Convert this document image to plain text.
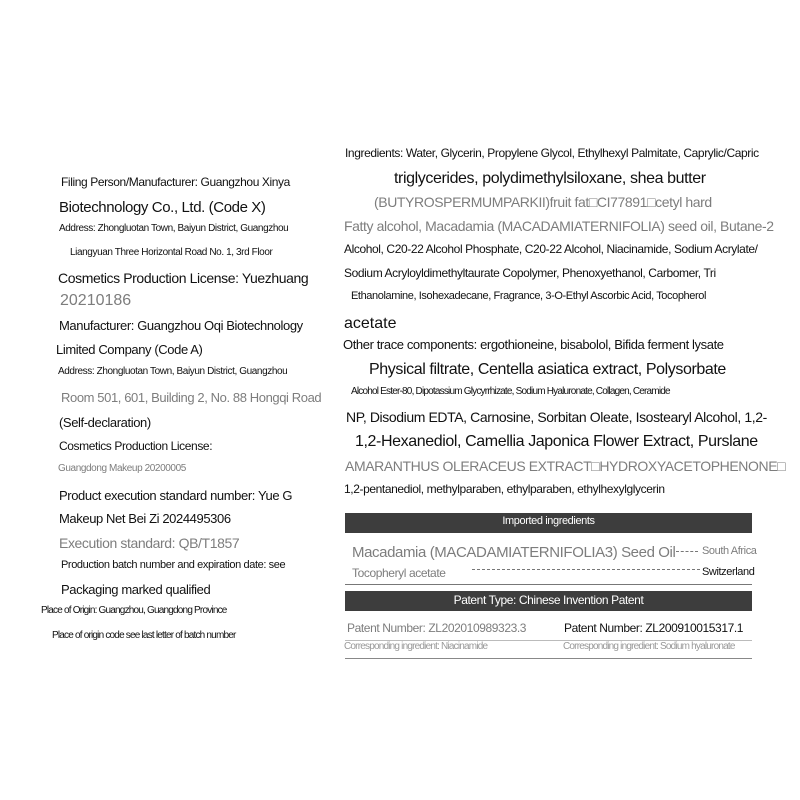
Filing Person/Manufacturer: Guangzhou Xinya
Biotechnology Co., Ltd. (Code X)
Address: Zhongluotan Town, Baiyun District, Guangzhou
Liangyuan Three Horizontal Road No. 1, 3rd Floor
Cosmetics Production License: Yuezhuang
20210186
Manufacturer: Guangzhou Oqi Biotechnology
Limited Company (Code A)
Address: Zhongluotan Town, Baiyun District, Guangzhou
Room 501, 601, Building 2, No. 88 Hongqi Road
(Self-declaration)
Cosmetics Production License:
Guangdong Makeup 20200005
Product execution standard number: Yue G
Makeup Net Bei Zi 2024495306
Execution standard: QB/T1857
Production batch number and expiration date: see
Packaging marked qualified
Place of Origin: Guangzhou, Guangdong Province
Place of origin code see last letter of batch number
Ingredients: Water, Glycerin, Propylene Glycol, Ethylhexyl Palmitate, Caprylic/Capric
triglycerides, polydimethylsiloxane, shea butter
(BUTYROSPERMUMPARKII)fruit fat□CI77891□cetyl hard
Fatty alcohol, Macadamia (MACADAMIATERNIFOLIA) seed oil, Butane-2
Alcohol, C20-22 Alcohol Phosphate, C20-22 Alcohol, Niacinamide, Sodium Acrylate/
Sodium Acryloyldimethyltaurate Copolymer, Phenoxyethanol, Carbomer, Tri
Ethanolamine, Isohexadecane, Fragrance, 3-O-Ethyl Ascorbic Acid, Tocopherol
acetate
Other trace components: ergothioneine, bisabolol, Bifida ferment lysate
Physical filtrate, Centella asiatica extract, Polysorbate
Alcohol Ester-80, Dipotassium Glycyrrhizate, Sodium Hyaluronate, Collagen, Ceramide
NP, Disodium EDTA, Carnosine, Sorbitan Oleate, Isostearyl Alcohol, 1,2-
1,2-Hexanediol, Camellia Japonica Flower Extract, Purslane
AMARANTHUS OLERACEUS EXTRACT□HYDROXYACETOPHENONE□
1,2-pentanediol, methylparaben, ethylparaben, ethylhexylglycerin
Imported ingredients
Macadamia (MACADAMIATERNIFOLIA3) Seed Oil South Africa
Tocopheryl acetate	Switzerland
Patent Type: Chinese Invention Patent
Patent Number: ZL202010989323.3	Patent Number: ZL200910015317.1
Corresponding ingredient: Niacinamide	Corresponding ingredient: Sodium hyaluronate
